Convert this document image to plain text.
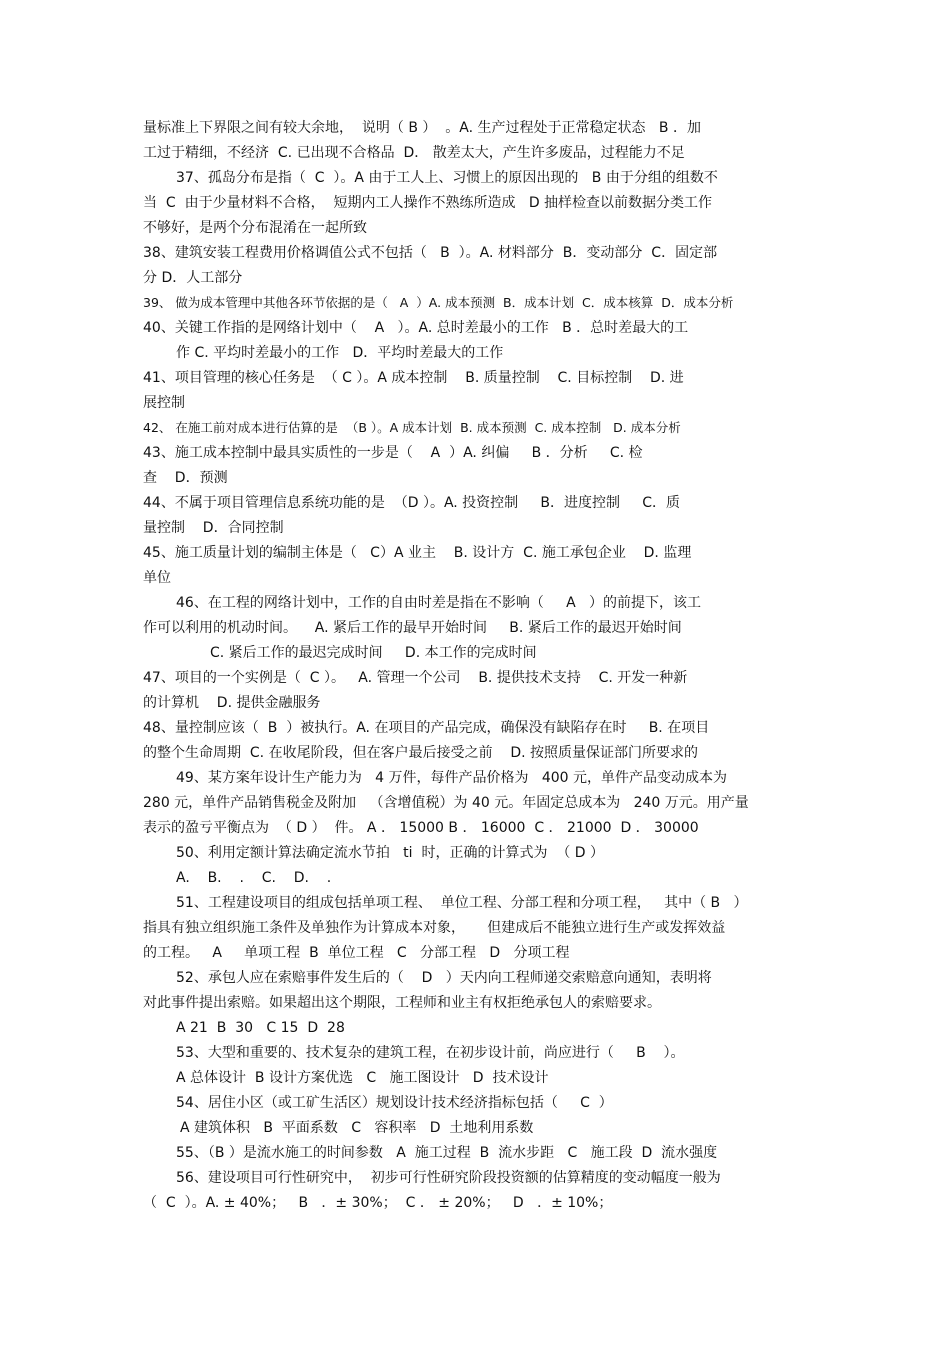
量标准上下界限之间有较大余地，  说明（ B ）  。A. 生产过程处于正常稳定状态   B ．加
工过于精细，不经济  C. 已出现不合格品  D． 散差太大，产生许多废品，过程能力不足
37、孤岛分布是指（  C  ）。A 由于工人上、习惯上的原因出现的   B 由于分组的组数不
当  C  由于少量材料不合格，  短期内工人操作不熟练所造成   D 抽样检查以前数据分类工作
不够好，是两个分布混淆在一起所致
38、建筑安装工程费用价格调值公式不包括（   B  ）。A. 材料部分  B．变动部分  C．固定部
分 D．人工部分
39、 做为成本管理中其他各环节依据的是（   A  ）A. 成本预测  B．成本计划  C．成本核算  D．成本分析
40、关键工作指的是网络计划中（    A   ）。A. 总时差最小的工作   B ．总时差最大的工
作 C. 平均时差最小的工作   D．平均时差最大的工作
41、项目管理的核心任务是  （ C ）。A 成本控制    B. 质量控制    C. 目标控制    D. 进
展控制
42、 在施工前对成本进行估算的是  （B ）。A 成本计划  B. 成本预测  C. 成本控制   D. 成本分析
43、施工成本控制中最具实质性的一步是（    A  ）A. 纠偏     B ．分析     C. 检
查    D．预测
44、不属于项目管理信息系统功能的是  （D ）。A. 投资控制     B．进度控制     C．质
量控制    D．合同控制
45、施工质量计划的编制主体是（   C）A 业主    B. 设计方  C. 施工承包企业    D. 监理
单位
46、在工程的网络计划中，工作的自由时差是指在不影响（     A   ）的前提下，该工
作可以利用的机动时间。    A. 紧后工作的最早开始时间     B. 紧后工作的最迟开始时间
C. 紧后工作的最迟完成时间     D. 本工作的完成时间
47、项目的一个实例是（  C ）。   A. 管理一个公司    B. 提供技术支持    C. 开发一种新
的计算机    D. 提供金融服务
48、量控制应该（  B  ）被执行。A. 在项目的产品完成，确保没有缺陷存在时     B. 在项目
的整个生命周期  C. 在收尾阶段，但在客户最后接受之前    D. 按照质量保证部门所要求的
49、某方案年设计生产能力为   4 万件，每件产品价格为   400 元，单件产品变动成本为
280 元，单件产品销售税金及附加   （含增值税）为 40 元。年固定总成本为   240 万元。用产量
表示的盈亏平衡点为  （ D ）  件。 A ． 15000 B ． 16000  C ． 21000  D ． 30000
50、利用定额计算法确定流水节拍   ti  时，正确的计算式为  （ D ）
A.    B.    .    C.    D.    .
51、工程建设项目的组成包括单项工程、  单位工程、分部工程和分项工程，   其中（ B   ）
指具有独立组织施工条件及单独作为计算成本对象，     但建成后不能独立进行生产或发挥效益
的工程。   A     单项工程  B  单位工程   C   分部工程   D   分项工程
52、承包人应在索赔事件发生后的（    D   ）天内向工程师递交索赔意向通知，表明将
对此事件提出索赔。如果超出这个期限，工程师和业主有权拒绝承包人的索赔要求。
A 21  B  30   C 15  D  28
53、大型和重要的、技术复杂的建筑工程，在初步设计前，尚应进行（     B    ）。
A 总体设计  B 设计方案优选   C   施工图设计   D  技术设计
54、居住小区（或工矿生活区）规划设计技术经济指标包括（     C  ）
A 建筑体积   B  平面系数   C   容积率   D  土地利用系数
55、（B ）是流水施工的时间参数   A  施工过程  B  流水步距   C   施工段  D  流水强度
56、建设项目可行性研究中，  初步可行性研究阶段投资额的估算精度的变动幅度一般为
（  C  ）。A. ± 40%；   B   ．± 30%；  C ． ± 20%；   D   ．± 10%；
